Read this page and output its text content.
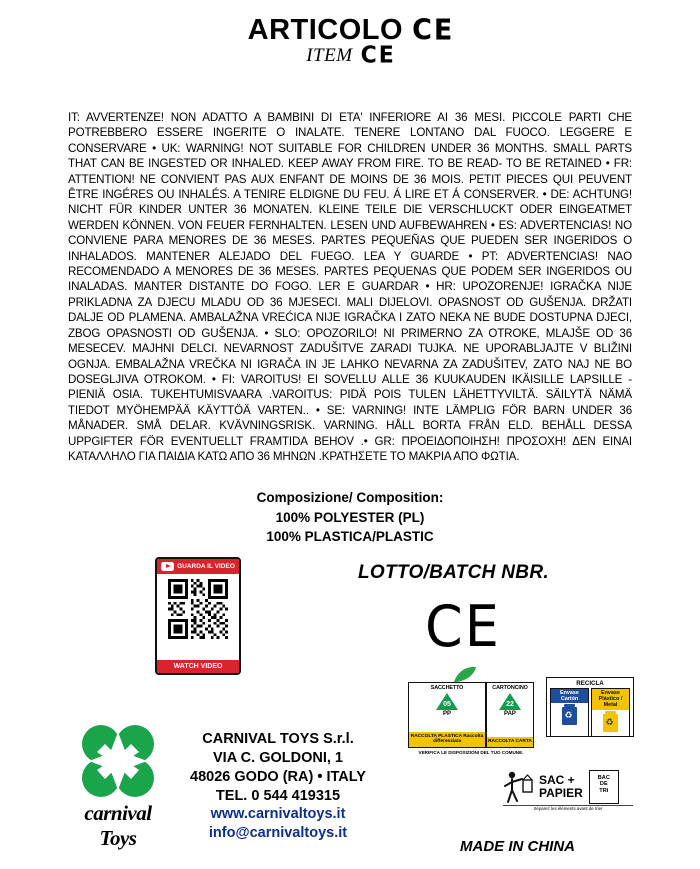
ARTICOLO C E
ITEM C E
IT: AVVERTENZE! NON ADATTO A BAMBINI DI ETA' INFERIORE AI 36 MESI. PICCOLE PARTI CHE POTREBBERO ESSERE INGERITE O INALATE. TENERE LONTANO DAL FUOCO. LEGGERE E CONSERVARE • UK: WARNING! NOT SUITABLE FOR CHILDREN UNDER 36 MONTHS. SMALL PARTS THAT CAN BE INGESTED OR INHALED. KEEP AWAY FROM FIRE. TO BE READ- TO BE RETAINED • FR: ATTENTION! NE CONVIENT PAS AUX ENFANT DE MOINS DE 36 MOIS. PETIT PIECES QUI PEUVENT ÊTRE INGÉRES OU INHALÉS. A TENIRE ELDIGNE DU FEU. Á LIRE ET Á CONSERVER. • DE: ACHTUNG! NICHT FÜR KINDER UNTER 36 MONATEN. KLEINE TEILE DIE VERSCHLUCKT ODER EINGEATMET WERDEN KÖNNEN. VON FEUER FERNHALTEN. LESEN UND AUFBEWAHREN • ES: ADVERTENCIAS! NO CONVIENE PARA MENORES DE 36 MESES. PARTES PEQUEÑAS QUE PUEDEN SER INGERIDOS O INHALADOS. MANTENER ALEJADO DEL FUEGO. LEA Y GUARDE • PT: ADVERTENCIAS! NAO RECOMENDADO A MENORES DE 36 MESES. PARTES PEQUENAS QUE PODEM SER INGERIDOS OU INALADAS. MANTER DISTANTE DO FOGO. LER E GUARDAR • HR: UPOZORENJE! IGRAČKA NIJE PRIKLADNA ZA DJECU MLADU OD 36 MJESECI. MALI DIJELOVI. OPASNOST OD GUŠENJA. DRŽATI DALJE OD PLAMENA. AMBALAŽNA VREĆICA NIJE IGRAČKA I ZATO NEKA NE BUDE DOSTUPNA DJECI, ZBOG OPASNOSTI OD GUŠENJA. • SLO: OPOZORILO! NI PRIMERNO ZA OTROKE, MLAJŠE OD 36 MESECEV. MAJHNI DELCI. NEVARNOST ZADUŠITVE ZARADI TUJKA. NE UPORABLJAJTE V BLIŽINI OGNJA. EMBALAŽNA VREČKA NI IGRAČA IN JE LAHKO NEVARNA ZA ZADUŠITEV, ZATO NAJ NE BO DOSEGLJIVA OTROKOM. • FI: VAROITUS! EI SOVELLU ALLE 36 KUUKAUDEN IKÄISILLE LAPSILLE - PIENIÄ OSIA. TUKEHTUMISVAARA .VAROITUS: PIDÄ POIS TULEN LÄHETTYVILTÄ. SÄILYTÄ NÄMÄ TIEDOT MYÖHEMPÄÄ KÄYTTÖÄ VARTEN.. • SE: VARNING! INTE LÄMPLIG FÖR BARN UNDER 36 MÅNADER. SMÅ DELAR. KVÄVNINGSRISK. VARNING. HÅLL BORTA FRÅN ELD. BEHÅLL DESSA UPPGIFTER FÖR EVENTUELLT FRAMTIDA BEHOV .• GR: ΠΡΟΕΙΔΟΠΟΙΗΣΗ! ΠΡΟΣΟΧΗ! ΔΕΝ ΕΙΝΑΙ ΚΑΤΑΛΛΗΛΟ ΓΙΑ ΠΑΙΔΙΑ ΚΑΤΩ ΑΠΟ 36 ΜΗΝΩΝ .ΚΡΑΤΗΣΕΤΕ ΤΟ ΜΑΚΡΙΑ ΑΠΟ ΦΩΤΙΑ.
Composizione/ Composition:
100% POLYESTER (PL)
100% PLASTICA/PLASTIC
GUARDA IL VIDEO
WATCH VIDEO
LOTTO/BATCH NBR.
C E
SACCHETTO
05
PP
RACCOLTA PLASTICA Raccolta differenziata
CARTONCINO
22
PAP
RACCOLTA CARTA
VERIFICA LE DISPOSIZIONI DEL TUO COMUNE.
RECICLA
Envase
Cartón
♻
Envase
Plástico / Metal
♻
SAC +
PAPIER
BAC
DE
TRI
Séparez les éléments avant de trier
carnival Toys
CARNIVAL TOYS S.r.l.
VIA C. GOLDONI, 1
48026 GODO (RA) • ITALY
TEL. 0 544 419315
www.carnivaltoys.it
info@carnivaltoys.it
MADE IN CHINA
